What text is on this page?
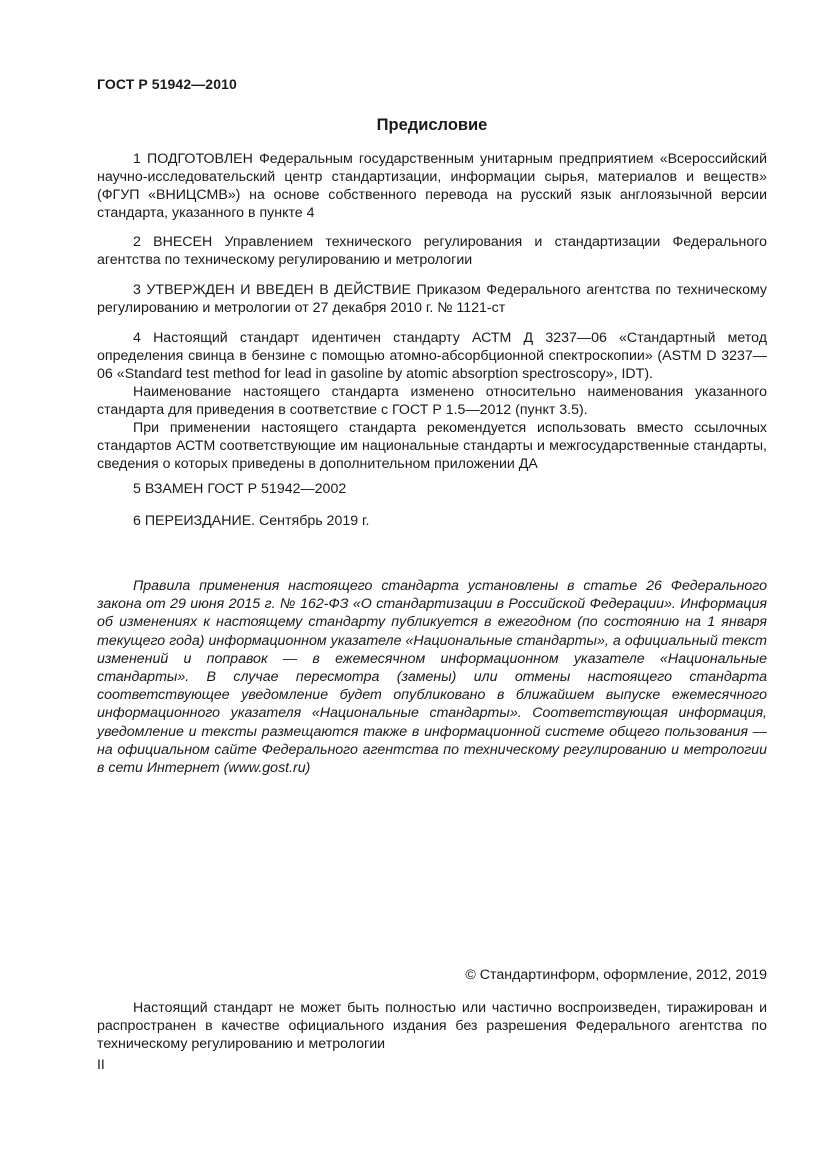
ГОСТ Р 51942—2010
Предисловие

1 ПОДГОТОВЛЕН Федеральным государственным унитарным предприятием «Всероссийский научно-исследовательский центр стандартизации, информации сырья, материалов и веществ» (ФГУП «ВНИЦСМВ») на основе собственного перевода на русский язык англоязычной версии стандарта, указанного в пункте 4

2 ВНЕСЕН Управлением технического регулирования и стандартизации Федерального агентства по техническому регулированию и метрологии

3 УТВЕРЖДЕН И ВВЕДЕН В ДЕЙСТВИЕ Приказом Федерального агентства по техническому регулированию и метрологии от 27 декабря 2010 г. № 1121-ст

4 Настоящий стандарт идентичен стандарту АСТМ Д 3237—06 «Стандартный метод определения свинца в бензине с помощью атомно-абсорбционной спектроскопии» (ASTM D 3237—06 «Standard test method for lead in gasoline by atomic absorption spectroscopy», IDT).

Наименование настоящего стандарта изменено относительно наименования указанного стандарта для приведения в соответствие с ГОСТ Р 1.5—2012 (пункт 3.5).

При применении настоящего стандарта рекомендуется использовать вместо ссылочных стандартов АСТМ соответствующие им национальные стандарты и межгосударственные стандарты, сведения о которых приведены в дополнительном приложении ДА

5 ВЗАМЕН ГОСТ Р 51942—2002

6 ПЕРЕИЗДАНИЕ. Сентябрь 2019 г.

Правила применения настоящего стандарта установлены в статье 26 Федерального закона от 29 июня 2015 г. № 162-ФЗ «О стандартизации в Российской Федерации». Информация об изменениях к настоящему стандарту публикуется в ежегодном (по состоянию на 1 января текущего года) информационном указателе «Национальные стандарты», а официальный текст изменений и поправок — в ежемесячном информационном указателе «Национальные стандарты». В случае пересмотра (замены) или отмены настоящего стандарта соответствующее уведомление будет опубликовано в ближайшем выпуске ежемесячного информационного указателя «Национальные стандарты». Соответствующая информация, уведомление и тексты размещаются также в информационной системе общего пользования — на официальном сайте Федерального агентства по техническому регулированию и метрологии в сети Интернет (www.gost.ru)

© Стандартинформ, оформление, 2012, 2019

Настоящий стандарт не может быть полностью или частично воспроизведен, тиражирован и распространен в качестве официального издания без разрешения Федерального агентства по техническому регулированию и метрологии

II
